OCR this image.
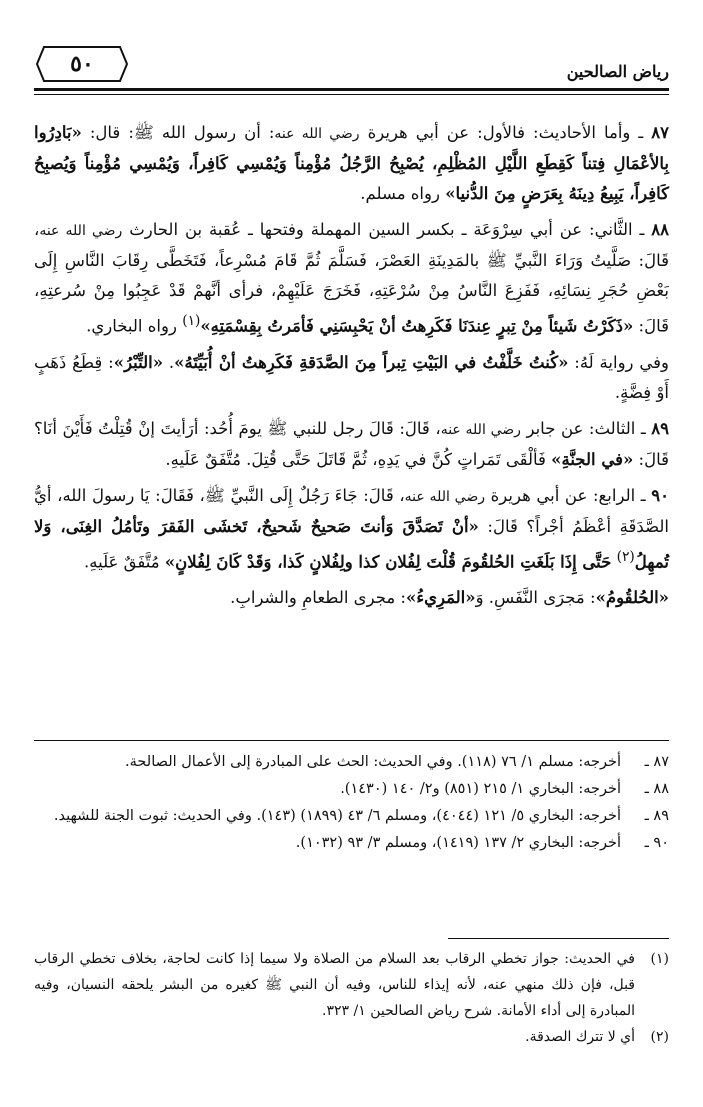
٥٠	رياض الصالحين

٨٧ ـ وأما الأحاديث: فالأول: عن أبي هريرة رضي الله عنه: أن رسول الله ﷺ: قال: «بَادِرُوا بِالأعْمَالِ فِتناً كَقِطَعِ اللَّيْلِ المُظْلِمِ، يُصْبِحُ الرَّجُلُ مُؤْمِناً وَيُمْسِي كَافِراً، وَيُمْسِي مُؤْمِناً وَيُصبِحُ كَافِراً، يَبِيعُ دِينَهُ بِعَرَضٍ مِنَ الدُّنيا» رواه مسلم.

٨٨ ـ الثَّاني: عن أبي سِرْوَعَة ـ بكسر السين المهملة وفتحها ـ عُقبة بن الحارث رضي الله عنه، قَالَ: صَلَّيتُ وَرَاءَ النَّبيِّ ﷺ بالمَدِينَةِ العَصْرَ، فَسَلَّمَ ثُمَّ قَامَ مُسْرِعاً، فَتَخَطَّى رِقَابَ النَّاسِ إِلَى بَعْضِ حُجَرِ نِسَائِهِ، فَفَزِعَ النَّاسُ مِنْ سُرْعَتِهِ، فَخَرَجَ عَلَيْهِمْ، فرأى أنَّهمْ قَدْ عَجِبُوا مِنْ سُرعتِهِ، قَالَ: «ذَكَرْتُ شَيئاً مِنْ تِبرٍ عِندَنَا فَكَرِهتُ أنْ يَحْبِسَنِي فَأمَرتُ بِقِسْمَتِهِ»$^{(١)}$ رواه البخاري.

وفي رواية لَهُ: «كُنتُ خَلَّفْتُ في البَيْتِ تِبراً مِنَ الصَّدَقةِ فَكَرِهتُ أنْ أُبَيِّتَهُ». «التِّبْرُ»: قِطَعُ ذَهَبٍ أَوْ فِضَّةٍ.

٨٩ ـ الثالث: عن جابر رضي الله عنه، قَالَ: قَالَ رجل للنبي ﷺ يومَ أُحُد: أرَأيتَ إنْ قُتِلْتُ فَأَيْنَ أنَا؟ قَالَ: «في الجنَّةِ» فَألْقَى تَمَراتٍ كُنَّ في يَدِهِ، ثُمَّ قَاتَلَ حَتَّى قُتِلَ. مُتَّفَقٌ عَلَيهِ.

٩٠ ـ الرابع: عن أبي هريرة رضي الله عنه، قَالَ: جَاءَ رَجُلٌ إِلَى النَّبيِّ ﷺ، فَقَالَ: يَا رسولَ الله، أيُّ الصَّدَقَةِ أعْظَمُ أجْراً؟ قَالَ: «أنْ تَصَدَّقَ وَأنتَ صَحيحٌ شَحيحٌ، تَخشَى الفَقرَ وتَأمُلُ الغِنَى، وَلا تُمهِلُ$^{(٢)}$ حَتَّى إِذَا بَلَغَتِ الحُلقُومَ قُلْتَ لِفُلان كذا ولِفُلانٍ كَذا، وَقَدْ كَانَ لِفُلانٍ» مُتَّفَقٌ عَلَيهِ.

«الحُلقُومُ»: مَجرَى النَّفَسِ. وَ«المَرِيءُ»: مجرى الطعامِ والشرابِ.

٨٧ ـ
أخرجه: مسلم ١/ ٧٦ (١١٨). وفي الحديث: الحث على المبادرة إلى الأعمال الصالحة.
٨٨ ـ
أخرجه: البخاري ١/ ٢١٥ (٨٥١) و٢/ ١٤٠ (١٤٣٠).
٨٩ ـ
أخرجه: البخاري ٥/ ١٢١ (٤٠٤٤)، ومسلم ٦/ ٤٣ (١٨٩٩) (١٤٣). وفي الحديث: ثبوت الجنة للشهيد.
٩٠ ـ
أخرجه: البخاري ٢/ ١٣٧ (١٤١٩)، ومسلم ٣/ ٩٣ (١٠٣٢).
(١)
في الحديث: جواز تخطي الرقاب بعد السلام من الصلاة ولا سيما إذا كانت لحاجة، بخلاف تخطي الرقاب قبل، فإن ذلك منهي عنه، لأنه إيذاء للناس، وفيه أن النبي ﷺ كغيره من البشر يلحقه النسيان، وفيه المبادرة إلى أداء الأمانة. شرح رياض الصالحين ١/ ٣٢٣.
(٢)
أي لا تترك الصدقة.
